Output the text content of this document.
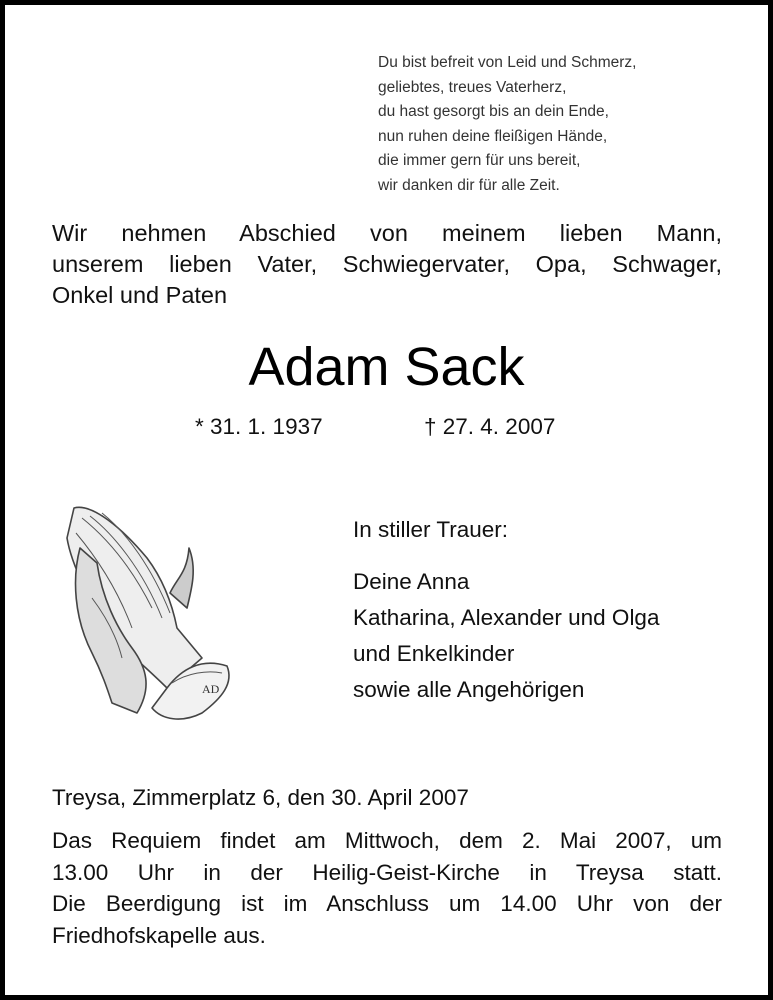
Du bist befreit von Leid und Schmerz,
geliebtes, treues Vaterherz,
du hast gesorgt bis an dein Ende,
nun ruhen deine fleißigen Hände,
die immer gern für uns bereit,
wir danken dir für alle Zeit.
Wir nehmen Abschied von meinem lieben Mann,
unserem lieben Vater, Schwiegervater, Opa, Schwager,
Onkel und Paten
Adam Sack
* 31. 1. 1937	† 27. 4. 2007
AD
In stiller Trauer:
Deine Anna
Katharina, Alexander und Olga
und Enkelkinder
sowie alle Angehörigen
Treysa, Zimmerplatz 6, den 30. April 2007
Das Requiem findet am Mittwoch, dem 2. Mai 2007, um
13.00 Uhr in der Heilig-Geist-Kirche in Treysa statt.
Die Beerdigung ist im Anschluss um 14.00 Uhr von der
Friedhofskapelle aus.
